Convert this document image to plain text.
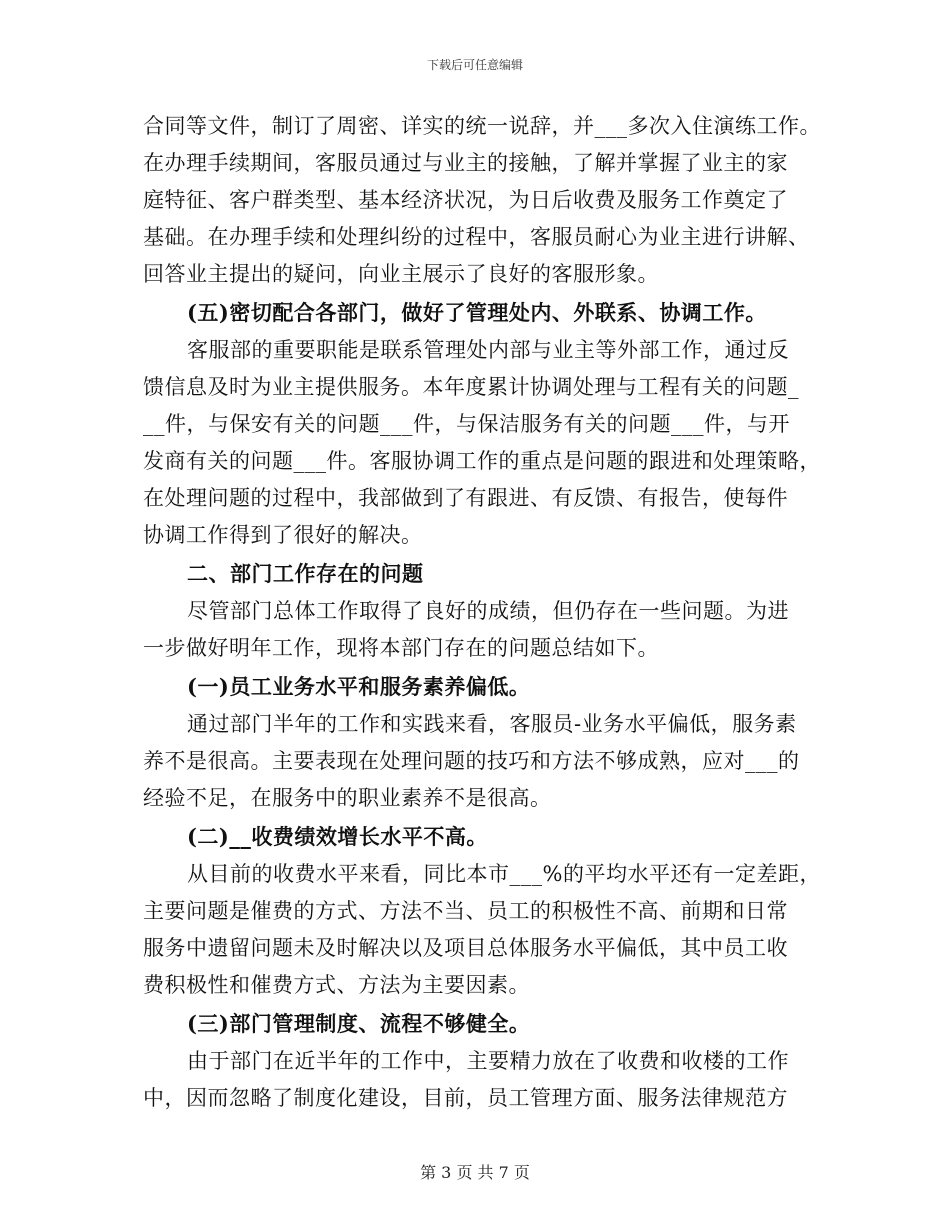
下载后可任意编辑
合同等文件，制订了周密、详实的统一说辞，并___多次入住演练工作。
在办理手续期间，客服员通过与业主的接触，了解并掌握了业主的家
庭特征、客户群类型、基本经济状况，为日后收费及服务工作奠定了
基础。在办理手续和处理纠纷的过程中，客服员耐心为业主进行讲解、
回答业主提出的疑问，向业主展示了良好的客服形象。
(五)密切配合各部门，做好了管理处内、外联系、协调工作。
客服部的重要职能是联系管理处内部与业主等外部工作，通过反
馈信息及时为业主提供服务。本年度累计协调处理与工程有关的问题_
__件，与保安有关的问题___件，与保洁服务有关的问题___件，与开
发商有关的问题___件。客服协调工作的重点是问题的跟进和处理策略，
在处理问题的过程中，我部做到了有跟进、有反馈、有报告，使每件
协调工作得到了很好的解决。
二、部门工作存在的问题
尽管部门总体工作取得了良好的成绩，但仍存在一些问题。为进
一步做好明年工作，现将本部门存在的问题总结如下。
(一)员工业务水平和服务素养偏低。
通过部门半年的工作和实践来看，客服员-业务水平偏低，服务素
养不是很高。主要表现在处理问题的技巧和方法不够成熟，应对___的
经验不足，在服务中的职业素养不是很高。
(二)__收费绩效增长水平不高。
从目前的收费水平来看，同比本市___%的平均水平还有一定差距，
主要问题是催费的方式、方法不当、员工的积极性不高、前期和日常
服务中遗留问题未及时解决以及项目总体服务水平偏低，其中员工收
费积极性和催费方式、方法为主要因素。
(三)部门管理制度、流程不够健全。
由于部门在近半年的工作中，主要精力放在了收费和收楼的工作
中，因而忽略了制度化建设，目前，员工管理方面、服务法律规范方
第 3 页 共 7 页
